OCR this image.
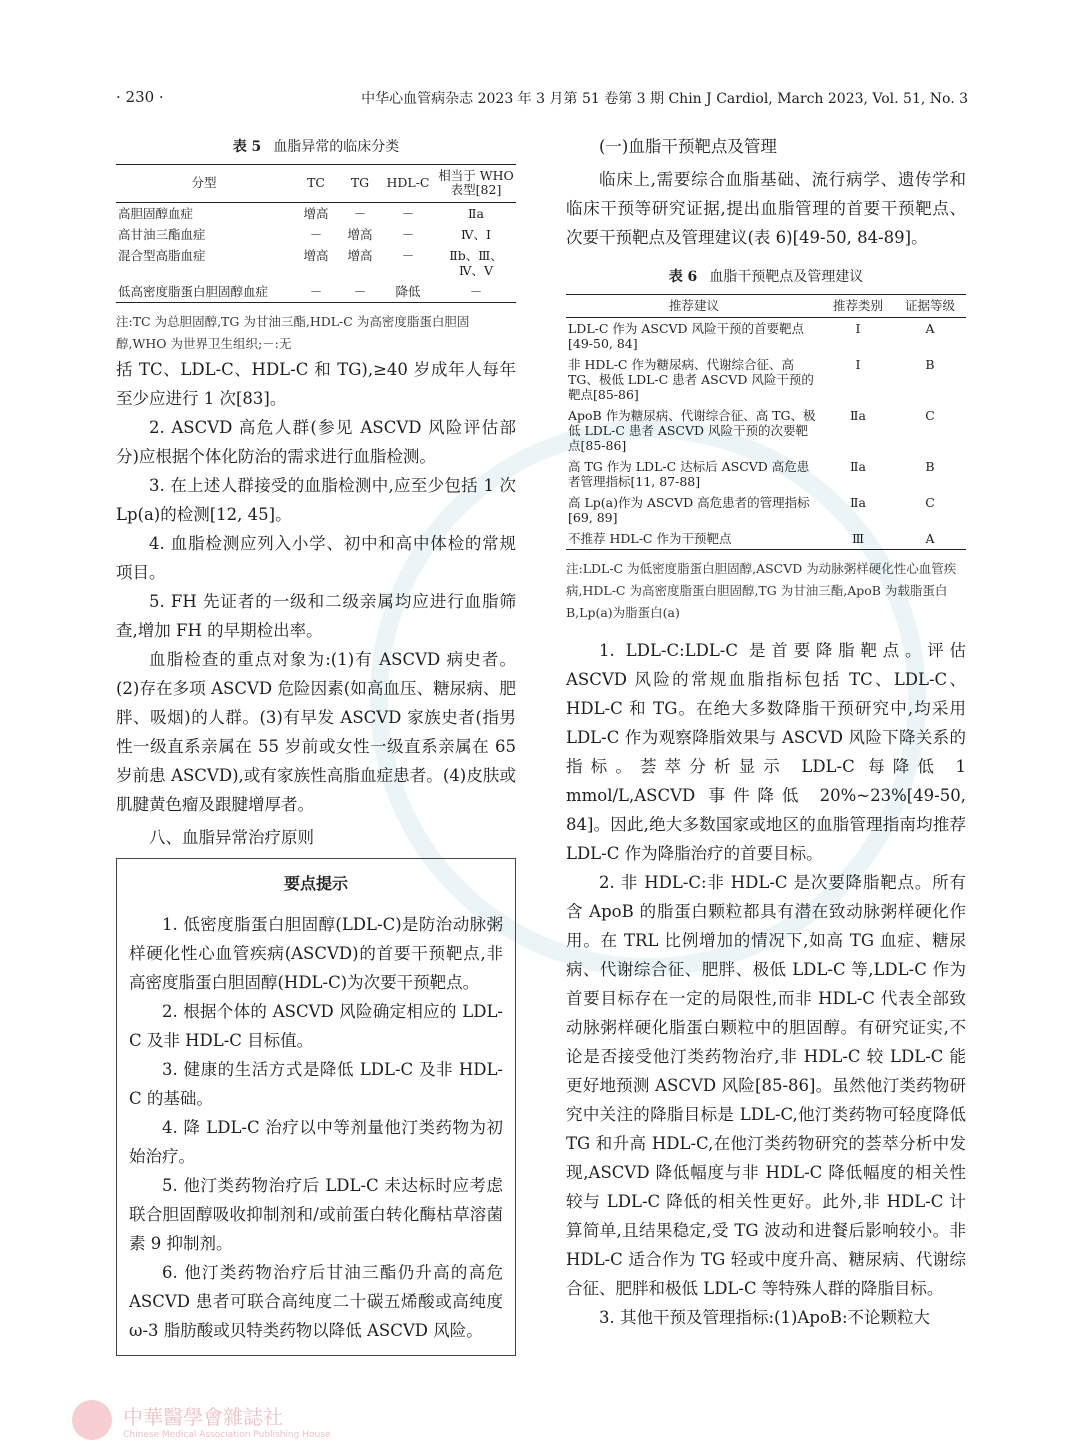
· 230 ·	中华心血管病杂志 2023 年 3 月第 51 卷第 3 期 Chin J Cardiol, March 2023, Vol. 51, No. 3
表 5 血脂异常的临床分类
分型	TC	TG	HDL-C	相当于 WHO 表型[82]
高胆固醇血症	增高	－	－	Ⅱa
高甘油三酯血症	－	增高	－	Ⅳ、Ⅰ
混合型高脂血症	增高	增高	－	Ⅱb、Ⅲ、Ⅳ、Ⅴ
低高密度脂蛋白胆固醇血症	－	－	降低	－
注:TC 为总胆固醇,TG 为甘油三酯,HDL-C 为高密度脂蛋白胆固醇,WHO 为世界卫生组织;－:无

括 TC、LDL-C、HDL-C 和 TG),≥40 岁成年人每年至少应进行 1 次[83]。

2. ASCVD 高危人群(参见 ASCVD 风险评估部分)应根据个体化防治的需求进行血脂检测。

3. 在上述人群接受的血脂检测中,应至少包括 1 次 Lp(a)的检测[12, 45]。

4. 血脂检测应列入小学、初中和高中体检的常规项目。

5. FH 先证者的一级和二级亲属均应进行血脂筛查,增加 FH 的早期检出率。

血脂检查的重点对象为:(1)有 ASCVD 病史者。(2)存在多项 ASCVD 危险因素(如高血压、糖尿病、肥胖、吸烟)的人群。(3)有早发 ASCVD 家族史者(指男性一级直系亲属在 55 岁前或女性一级直系亲属在 65 岁前患 ASCVD),或有家族性高脂血症患者。(4)皮肤或肌腱黄色瘤及跟腱增厚者。

八、血脂异常治疗原则
要点提示

1. 低密度脂蛋白胆固醇(LDL-C)是防治动脉粥样硬化性心血管疾病(ASCVD)的首要干预靶点,非高密度脂蛋白胆固醇(HDL-C)为次要干预靶点。

2. 根据个体的 ASCVD 风险确定相应的 LDL-C 及非 HDL-C 目标值。

3. 健康的生活方式是降低 LDL-C 及非 HDL-C 的基础。

4. 降 LDL-C 治疗以中等剂量他汀类药物为初始治疗。

5. 他汀类药物治疗后 LDL-C 未达标时应考虑联合胆固醇吸收抑制剂和/或前蛋白转化酶枯草溶菌素 9 抑制剂。

6. 他汀类药物治疗后甘油三酯仍升高的高危 ASCVD 患者可联合高纯度二十碳五烯酸或高纯度 ω-3 脂肪酸或贝特类药物以降低 ASCVD 风险。

(一)血脂干预靶点及管理

临床上,需要综合血脂基础、流行病学、遗传学和临床干预等研究证据,提出血脂管理的首要干预靶点、次要干预靶点及管理建议(表 6)[49-50, 84-89]。

表 6 血脂干预靶点及管理建议
推荐建议	推荐类别	证据等级
LDL-C 作为 ASCVD 风险干预的首要靶点[49-50, 84]	Ⅰ	A
非 HDL-C 作为糖尿病、代谢综合征、高 TG、极低 LDL-C 患者 ASCVD 风险干预的靶点[85-86]	Ⅰ	B
ApoB 作为糖尿病、代谢综合征、高 TG、极低 LDL-C 患者 ASCVD 风险干预的次要靶点[85-86]	Ⅱa	C
高 TG 作为 LDL-C 达标后 ASCVD 高危患者管理指标[11, 87-88]	Ⅱa	B
高 Lp(a)作为 ASCVD 高危患者的管理指标[69, 89]	Ⅱa	C
不推荐 HDL-C 作为干预靶点	Ⅲ	A
注:LDL-C 为低密度脂蛋白胆固醇,ASCVD 为动脉粥样硬化性心血管疾病,HDL-C 为高密度脂蛋白胆固醇,TG 为甘油三酯,ApoB 为载脂蛋白 B,Lp(a)为脂蛋白(a)

1. LDL-C:LDL-C 是首要降脂靶点。评估 ASCVD 风险的常规血脂指标包括 TC、LDL-C、HDL-C 和 TG。在绝大多数降脂干预研究中,均采用 LDL-C 作为观察降脂效果与 ASCVD 风险下降关系的指标。荟萃分析显示 LDL-C 每降低 1 mmol/L,ASCVD 事件降低 20%~23%[49-50, 84]。因此,绝大多数国家或地区的血脂管理指南均推荐 LDL-C 作为降脂治疗的首要目标。

2. 非 HDL-C:非 HDL-C 是次要降脂靶点。所有含 ApoB 的脂蛋白颗粒都具有潜在致动脉粥样硬化作用。在 TRL 比例增加的情况下,如高 TG 血症、糖尿病、代谢综合征、肥胖、极低 LDL-C 等,LDL-C 作为首要目标存在一定的局限性,而非 HDL-C 代表全部致动脉粥样硬化脂蛋白颗粒中的胆固醇。有研究证实,不论是否接受他汀类药物治疗,非 HDL-C 较 LDL-C 能更好地预测 ASCVD 风险[85-86]。虽然他汀类药物研究中关注的降脂目标是 LDL-C,他汀类药物可轻度降低 TG 和升高 HDL-C,在他汀类药物研究的荟萃分析中发现,ASCVD 降低幅度与非 HDL-C 降低幅度的相关性较与 LDL-C 降低的相关性更好。此外,非 HDL-C 计算简单,且结果稳定,受 TG 波动和进餐后影响较小。非 HDL-C 适合作为 TG 轻或中度升高、糖尿病、代谢综合征、肥胖和极低 LDL-C 等特殊人群的降脂目标。

3. 其他干预及管理指标:(1)ApoB:不论颗粒大

中華醫學會雜誌社
Chinese Medical Association Publishing House
